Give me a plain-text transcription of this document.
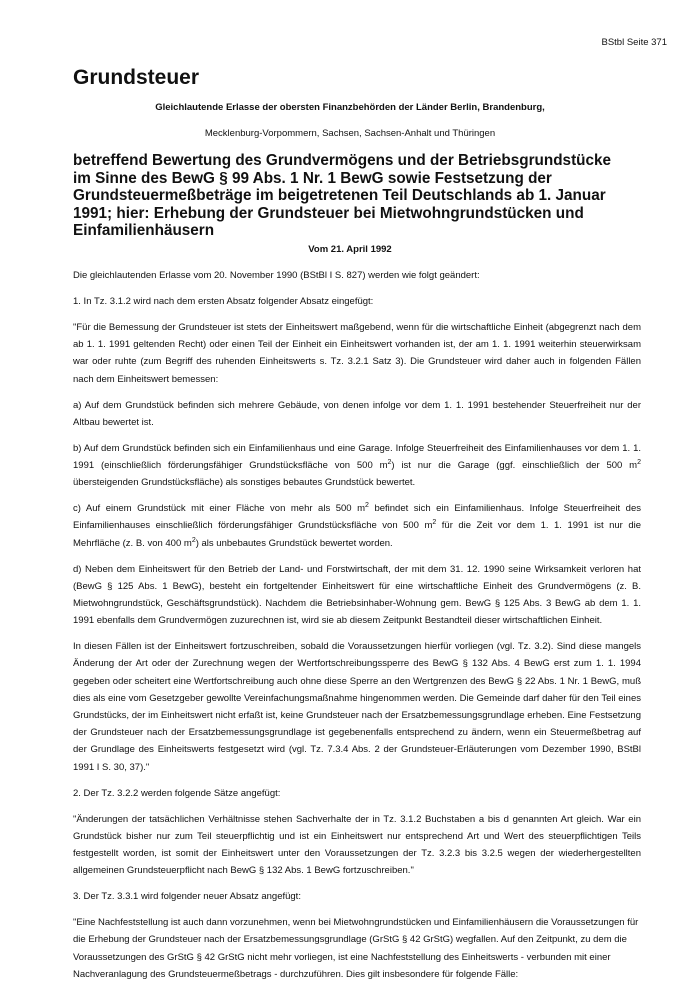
BStbl Seite 371
Grundsteuer

Gleichlautende Erlasse der obersten Finanzbehörden der Länder Berlin, Brandenburg,

Mecklenburg-Vorpommern, Sachsen, Sachsen-Anhalt und Thüringen

betreffend Bewertung des Grundvermögens und der Betriebsgrundstücke im Sinne des BewG § 99 Abs. 1 Nr. 1 BewG sowie Festsetzung der Grundsteuermeßbeträge im beigetretenen Teil Deutschlands ab 1. Januar 1991; hier: Erhebung der Grundsteuer bei Mietwohngrundstücken und Einfamilienhäusern

Vom 21. April 1992

Die gleichlautenden Erlasse vom 20. November 1990 (BStBl I S. 827) werden wie folgt geändert:

1. In Tz. 3.1.2 wird nach dem ersten Absatz folgender Absatz eingefügt:

"Für die Bemessung der Grundsteuer ist stets der Einheitswert maßgebend, wenn für die wirtschaftliche Einheit (abgegrenzt nach dem ab 1. 1. 1991 geltenden Recht) oder einen Teil der Einheit ein Einheitswert vorhanden ist, der am 1. 1. 1991 weiterhin steuerwirksam war oder ruhte (zum Begriff des ruhenden Einheitswerts s. Tz. 3.2.1 Satz 3). Die Grundsteuer wird daher auch in folgenden Fällen nach dem Einheitswert bemessen:

a) Auf dem Grundstück befinden sich mehrere Gebäude, von denen infolge vor dem 1. 1. 1991 bestehender Steuerfreiheit nur der Altbau bewertet ist.

b) Auf dem Grundstück befinden sich ein Einfamilienhaus und eine Garage. Infolge Steuerfreiheit des Einfamilienhauses vor dem 1. 1. 1991 (einschließlich förderungsfähiger Grundstücksfläche von 500 $m^2$) ist nur die Garage (ggf. einschließlich der 500 $m^2$ übersteigenden Grundstücksfläche) als sonstiges bebautes Grundstück bewertet.

c) Auf einem Grundstück mit einer Fläche von mehr als 500 $m^2$ befindet sich ein Einfamilienhaus. Infolge Steuerfreiheit des Einfamilienhauses einschließlich förderungsfähiger Grundstücksfläche von 500 $m^2$ für die Zeit vor dem 1. 1. 1991 ist nur die Mehrfläche (z. B. von 400 $m^2$) als unbebautes Grundstück bewertet worden.

d) Neben dem Einheitswert für den Betrieb der Land- und Forstwirtschaft, der mit dem 31. 12. 1990 seine Wirksamkeit verloren hat (BewG § 125 Abs. 1 BewG), besteht ein fortgeltender Einheitswert für eine wirtschaftliche Einheit des Grundvermögens (z. B. Mietwohngrundstück, Geschäftsgrundstück). Nachdem die Betriebsinhaber-Wohnung gem. BewG § 125 Abs. 3 BewG ab dem 1. 1. 1991 ebenfalls dem Grundvermögen zuzurechnen ist, wird sie ab diesem Zeitpunkt Bestandteil dieser wirtschaftlichen Einheit.

In diesen Fällen ist der Einheitswert fortzuschreiben, sobald die Voraussetzungen hierfür vorliegen (vgl. Tz. 3.2). Sind diese mangels Änderung der Art oder der Zurechnung wegen der Wertfortschreibungssperre des BewG § 132 Abs. 4 BewG erst zum 1. 1. 1994 gegeben oder scheitert eine Wertfortschreibung auch ohne diese Sperre an den Wertgrenzen des BewG § 22 Abs. 1 Nr. 1 BewG, muß dies als eine vom Gesetzgeber gewollte Vereinfachungsmaßnahme hingenommen werden. Die Gemeinde darf daher für den Teil eines Grundstücks, der im Einheitswert nicht erfaßt ist, keine Grundsteuer nach der Ersatzbemessungsgrundlage erheben. Eine Festsetzung der Grundsteuer nach der Ersatzbemessungsgrundlage ist gegebenenfalls entsprechend zu ändern, wenn ein Steuermeßbetrag auf der Grundlage des Einheitswerts festgesetzt wird (vgl. Tz. 7.3.4 Abs. 2 der Grundsteuer-Erläuterungen vom Dezember 1990, BStBl 1991 I S. 30, 37)."

2. Der Tz. 3.2.2 werden folgende Sätze angefügt:

"Änderungen der tatsächlichen Verhältnisse stehen Sachverhalte der in Tz. 3.1.2 Buchstaben a bis d genannten Art gleich. War ein Grundstück bisher nur zum Teil steuerpflichtig und ist ein Einheitswert nur entsprechend Art und Wert des steuerpflichtigen Teils festgestellt worden, ist somit der Einheitswert unter den Voraussetzungen der Tz. 3.2.3 bis 3.2.5 wegen der wiederhergestellten allgemeinen Grundsteuerpflicht nach BewG § 132 Abs. 1 BewG fortzuschreiben."

3. Der Tz. 3.3.1 wird folgender neuer Absatz angefügt:

"Eine Nachfeststellung ist auch dann vorzunehmen, wenn bei Mietwohngrundstücken und Einfamilienhäusern die Voraussetzungen für die Erhebung der Grundsteuer nach der Ersatzbemessungsgrundlage (GrStG § 42 GrStG) wegfallen. Auf den Zeitpunkt, zu dem die Voraussetzungen des GrStG § 42 GrStG nicht mehr vorliegen, ist eine Nachfeststellung des Einheitswerts - verbunden mit einer Nachveranlagung des Grundsteuermeßbetrags - durchzuführen. Dies gilt insbesondere für folgende Fälle:
